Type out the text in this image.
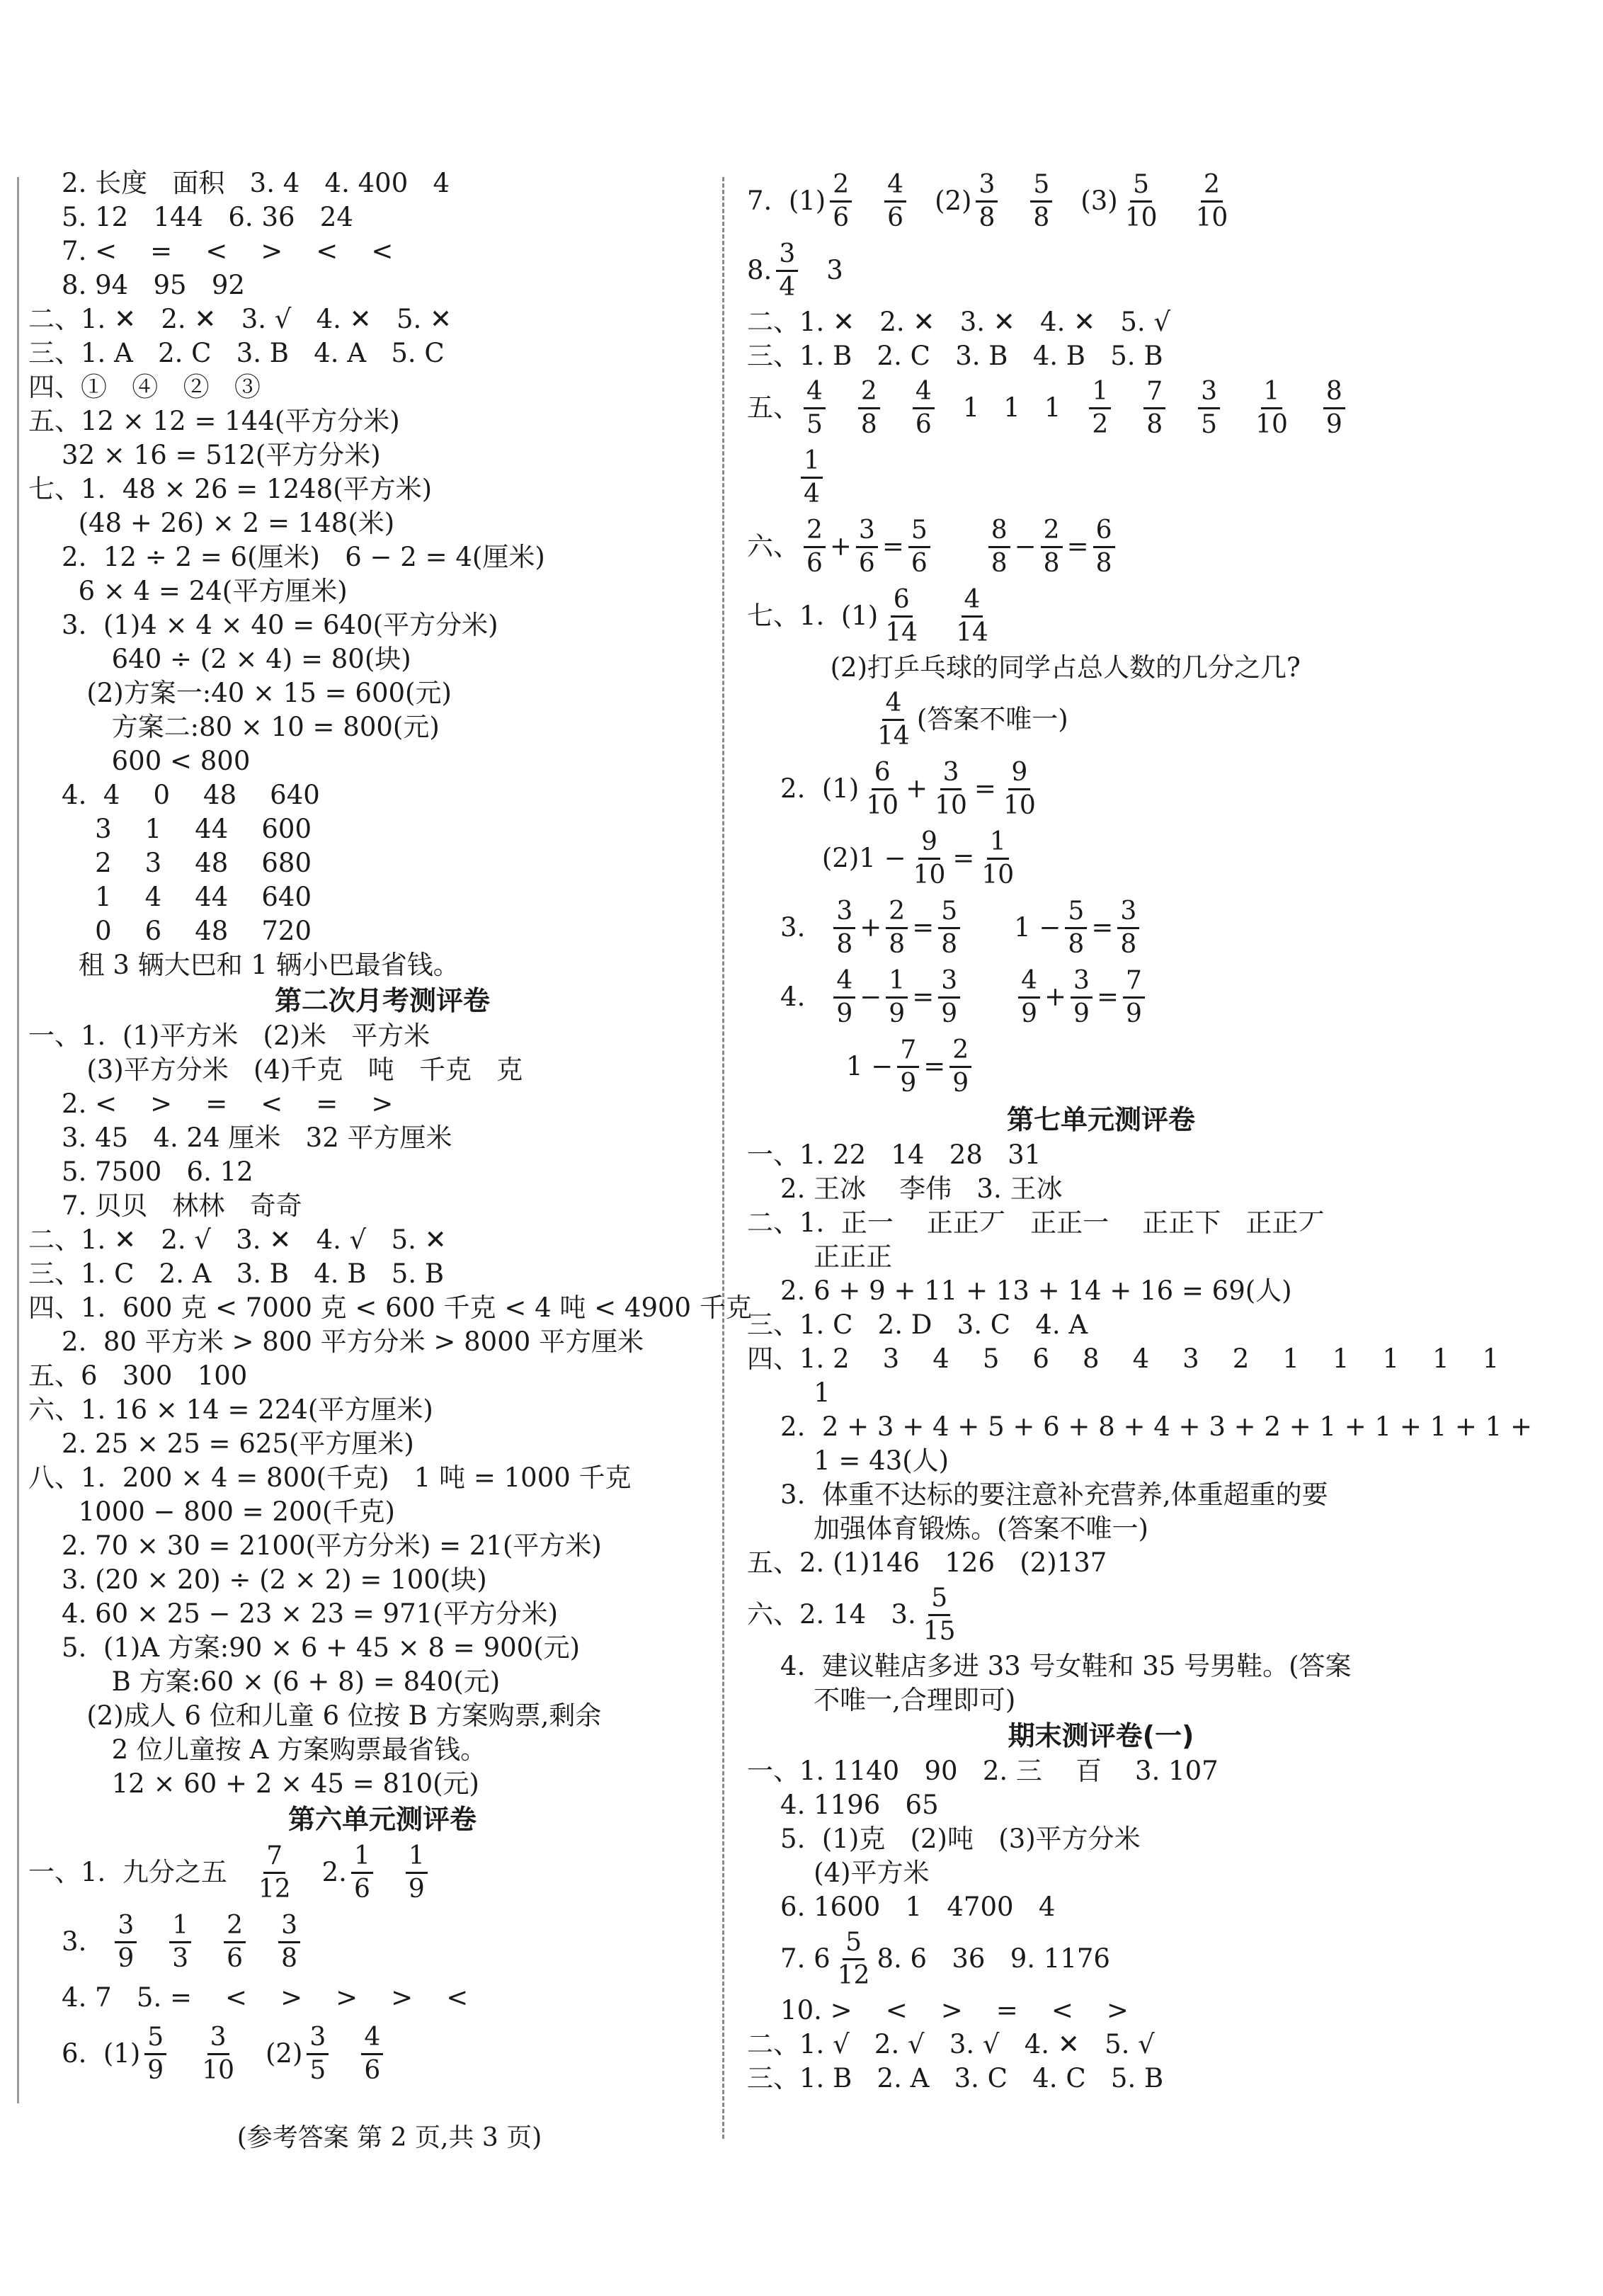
2. 长度   面积   3. 4   4. 400   4
5. 12   144   6. 36   24
7. <    =    <    >    <    <
8. 94   95   92
二、1. ✕   2. ✕   3. √   4. ✕   5. ✕
三、1. A   2. C   3. B   4. A   5. C
四、①   ④   ②   ③
五、12 × 12 = 144(平方分米)
32 × 16 = 512(平方分米)
七、1.  48 × 26 = 1248(平方米)
(48 + 26) × 2 = 148(米)
2.  12 ÷ 2 = 6(厘米)   6 − 2 = 4(厘米)
6 × 4 = 24(平方厘米)
3.  (1)4 × 4 × 40 = 640(平方分米)
640 ÷ (2 × 4) = 80(块)
(2)方案一:40 × 15 = 600(元)
方案二:80 × 10 = 800(元)
600 < 800
4.  4    0    48    640
3    1    44    600
2    3    48    680
1    4    44    640
0    6    48    720
租 3 辆大巴和 1 辆小巴最省钱。
第二次月考测评卷
一、1.  (1)平方米   (2)米   平方米
(3)平方分米   (4)千克   吨   千克   克
2. <    >    =    <    =    >
3. 45   4. 24 厘米   32 平方厘米
5. 7500   6. 12
7. 贝贝   林林   奇奇
二、1. ✕   2. √   3. ✕   4. √   5. ✕
三、1. C   2. A   3. B   4. B   5. B
四、1.  600 克 < 7000 克 < 600 千克 < 4 吨 < 4900 千克
2.  80 平方米 > 800 平方分米 > 8000 平方厘米
五、6   300   100
六、1. 16 × 14 = 224(平方厘米)
2. 25 × 25 = 625(平方厘米)
八、1.  200 × 4 = 800(千克)   1 吨 = 1000 千克
1000 − 800 = 200(千克)
2. 70 × 30 = 2100(平方分米) = 21(平方米)
3. (20 × 20) ÷ (2 × 2) = 100(块)
4. 60 × 25 − 23 × 23 = 971(平方分米)
5.  (1)A 方案:90 × 6 + 45 × 8 = 900(元)
B 方案:60 × (6 + 8) = 840(元)
(2)成人 6 位和儿童 6 位按 B 方案购票,剩余
2 位儿童按 A 方案购票最省钱。
12 × 60 + 2 × 45 = 810(元)
第六单元测评卷
一、1.  九分之五 $\frac{7}{12} 2$. $\frac{1}{6} \frac{1}{9}$
3. $\frac{3}{9} \frac{1}{3} \frac{2}{6} \frac{3}{8}$
4. 7   5. =    <    >    >    >    <
6.  $(1) \frac{5}{9} \frac{3}{10} (2) \frac{3}{5} \frac{4}{6}$
7.  $(1) \frac{2}{6} \frac{4}{6} (2) \frac{3}{8} \frac{5}{8} (3) \frac{5}{10} \frac{2}{10}$
8. $\frac{3}{4} 3$
二、1. ✕   2. ✕   3. ✕   4. ✕   5. √
三、1. B   2. C   3. B   4. B   5. B
五、 $\frac{4}{5} \frac{2}{8} \frac{4}{6} 1$ 1 $1 \frac{1}{2} \frac{7}{8} \frac{3}{5} \frac{1}{10} \frac{8}{9}$
$\frac{1}{4}$
六、 $\frac{2}{6} + \frac{3}{6} = \frac{5}{6} \frac{8}{8} - \frac{2}{8} = \frac{6}{8}$
七、1.  $(1) \frac{6}{14} \frac{4}{14}$
(2)打乒乓球的同学占总人数的几分之几?
$\frac{4}{14}$ (答案不唯一)
2.  $(1) \frac{6}{10} + \frac{3}{10} = \frac{9}{10}$
$(2)1 - \frac{9}{10} = \frac{1}{10}$
3. $\frac{3}{8} + \frac{2}{8} = \frac{5}{8} 1 - \frac{5}{8} = \frac{3}{8}$
4. $\frac{4}{9} - \frac{1}{9} = \frac{3}{9} \frac{4}{9} + \frac{3}{9} = \frac{7}{9}$
$1 - \frac{7}{9} = \frac{2}{9}$
第七单元测评卷
一、1. 22   14   28   31
2. 王冰    李伟   3. 王冰
二、1.  正一    正正丆   正正一    正正下   正正丆
正正正
2. 6 + 9 + 11 + 13 + 14 + 16 = 69(人)
三、1. C   2. D   3. C   4. A
四、1. 2    3    4    5    6    8    4    3    2    1    1    1    1    1
1
2.  2 + 3 + 4 + 5 + 6 + 8 + 4 + 3 + 2 + 1 + 1 + 1 + 1 +
1 = 43(人)
3.  体重不达标的要注意补充营养,体重超重的要
加强体育锻炼。(答案不唯一)
五、2. (1)146   126   (2)137
六、2. 14   3. $\frac{5}{15}$
4.  建议鞋店多进 33 号女鞋和 35 号男鞋。(答案
不唯一,合理即可)
期末测评卷(一)
一、1. 1140   90   2. 三    百    3. 107
4. 1196   65
5.  (1)克   (2)吨   (3)平方分米
(4)平方米
6. 1600   1   4700   4
7. $6 \frac{5}{12} 8$. 6   36   9. 1176
10. >    <    >    =    <    >
二、1. √   2. √   3. √   4. ✕   5. √
三、1. B   2. A   3. C   4. C   5. B
(参考答案 第 2 页,共 3 页)
